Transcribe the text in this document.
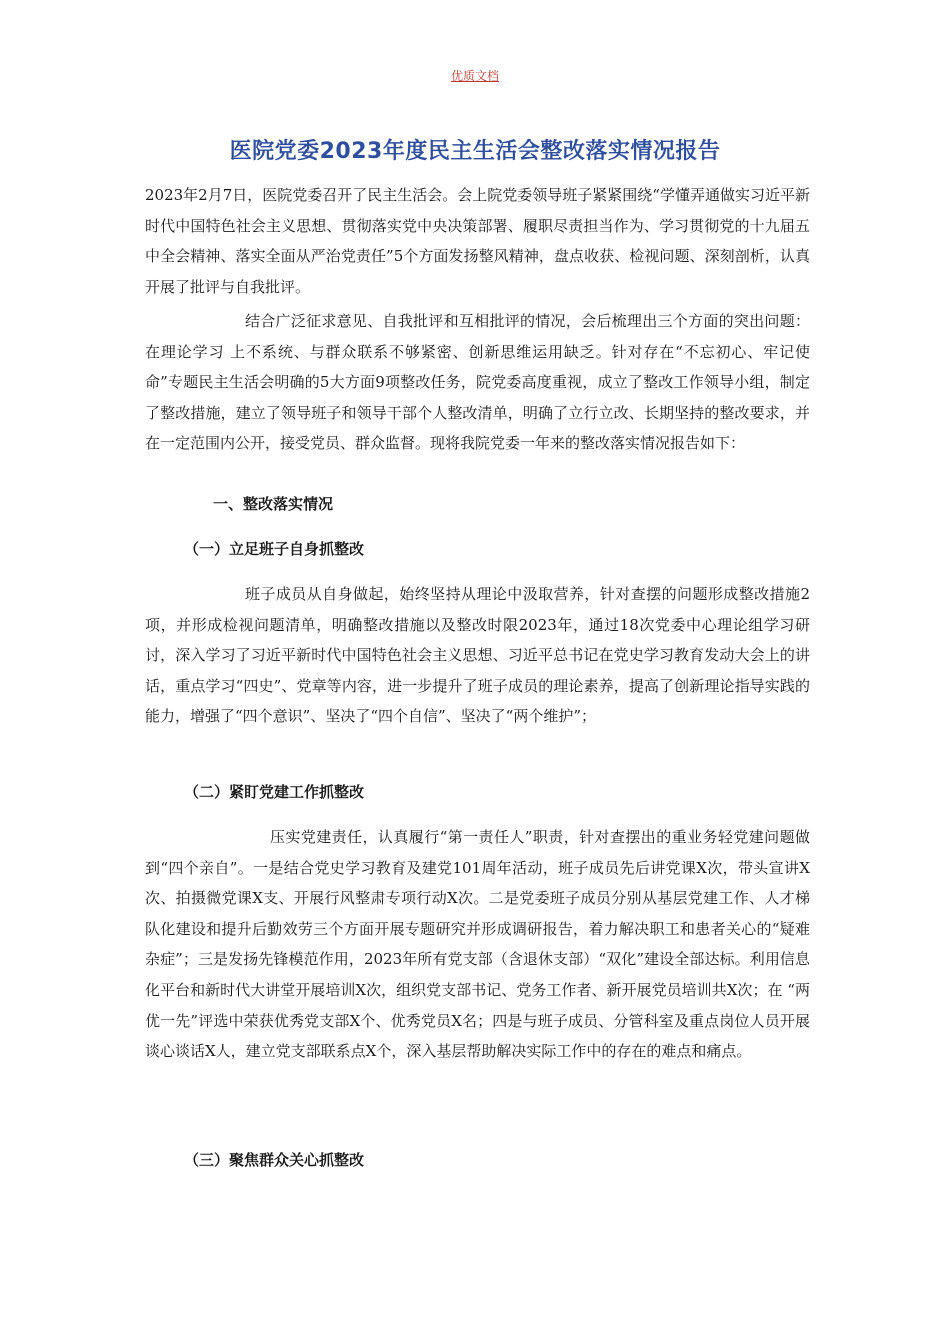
优质文档
医院党委2023年度民主生活会整改落实情况报告

2023年2月7日，医院党委召开了民主生活会。会上院党委领导班子紧紧围绕“学懂弄通做实习近平新时代中国特色社会主义思想、贯彻落实党中央决策部署、履职尽责担当作为、学习贯彻党的十九届五中全会精神、落实全面从严治党责任”5个方面发扬整风精神，盘点收获、检视问题、深刻剖析，认真开展了批评与自我批评。

结合广泛征求意见、自我批评和互相批评的情况，会后梳理出三个方面的突出问题：在理论学习 上不系统、与群众联系不够紧密、创新思维运用缺乏。针对存在“不忘初心、牢记使命”专题民主生活会明确的5大方面9项整改任务，院党委高度重视，成立了整改工作领导小组，制定了整改措施，建立了领导班子和领导干部个人整改清单，明确了立行立改、长期坚持的整改要求，并在一定范围内公开，接受党员、群众监督。现将我院党委一年来的整改落实情况报告如下：

一、整改落实情况
（一）立足班子自身抓整改

班子成员从自身做起，始终坚持从理论中汲取营养，针对查摆的问题形成整改措施2项，并形成检视问题清单，明确整改措施以及整改时限2023年，通过18次党委中心理论组学习研讨，深入学习了习近平新时代中国特色社会主义思想、习近平总书记在党史学习教育发动大会上的讲话，重点学习“四史”、党章等内容，进一步提升了班子成员的理论素养，提高了创新理论指导实践的能力，增强了“四个意识”、坚决了“四个自信”、坚决了“两个维护”；

（二）紧盯党建工作抓整改

压实党建责任，认真履行“第一责任人”职责，针对查摆出的重业务轻党建问题做到“四个亲自”。一是结合党史学习教育及建党101周年活动，班子成员先后讲党课X次，带头宣讲X次、拍摄微党课X支、开展行风整肃专项行动X次。二是党委班子成员分别从基层党建工作、人才梯队化建设和提升后勤效劳三个方面开展专题研究并形成调研报告，着力解决职工和患者关心的“疑难杂症”；三是发扬先锋模范作用，2023年所有党支部（含退休支部）“双化”建设全部达标。利用信息化平台和新时代大讲堂开展培训X次，组织党支部书记、党务工作者、新开展党员培训共X次；在 “两优一先”评选中荣获优秀党支部X个、优秀党员X名；四是与班子成员、分管科室及重点岗位人员开展谈心谈话X人，建立党支部联系点X个，深入基层帮助解决实际工作中的存在的难点和痛点。

（三）聚焦群众关心抓整改
